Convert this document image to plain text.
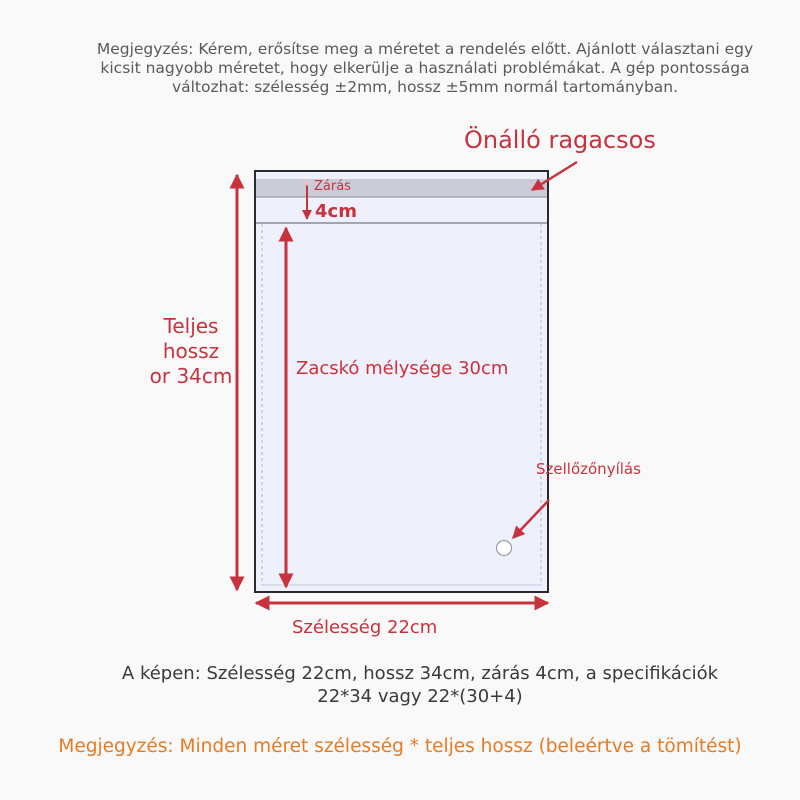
Megjegyzés: Kérem, erősítse meg a méretet a rendelés előtt. Ajánlott választani egy
kicsit nagyobb méretet, hogy elkerülje a használati problémákat. A gép pontossága
változhat: szélesség ±2mm, hossz ±5mm normál tartományban.
Önálló ragacsos
Zárás
4cm
Teljes
hossz
or 34cm	Zacskó mélysége 30cm
Szellőzőnyílás
Szélesség 22cm
A képen: Szélesség 22cm, hossz 34cm, zárás 4cm, a specifikációk
22*34 vagy 22*(30+4)
Megjegyzés: Minden méret szélesség * teljes hossz (beleértve a tömítést)
